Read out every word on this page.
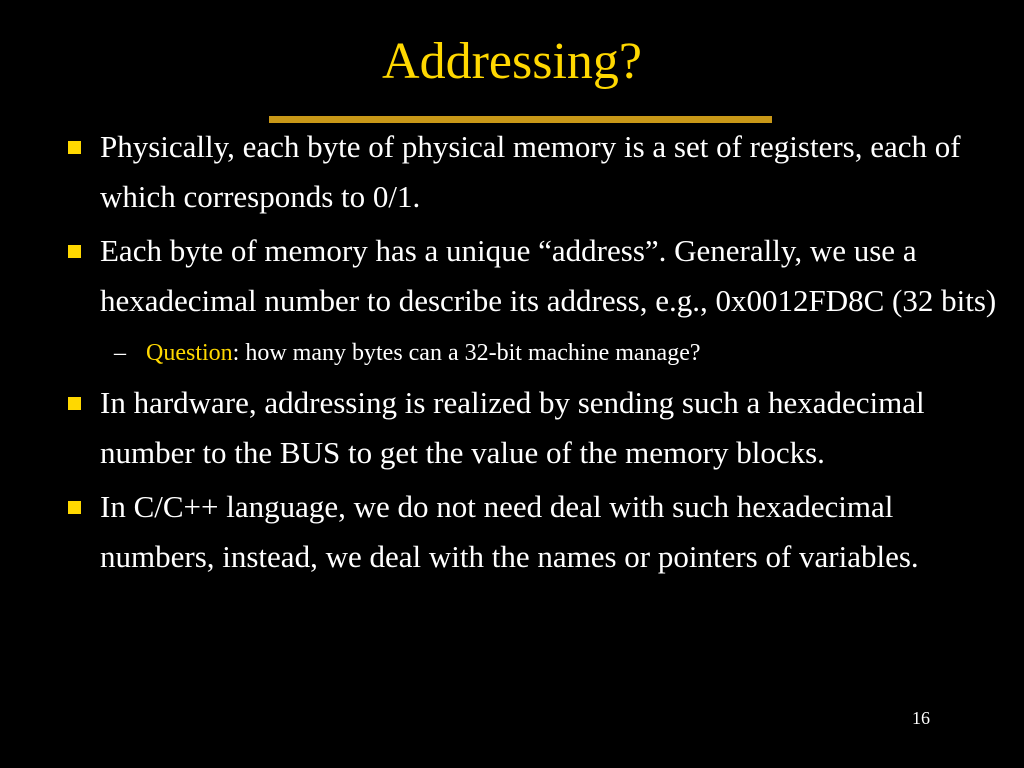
Addressing?
Physically, each byte of physical memory is a set of registers, each of which corresponds to 0/1.
Each byte of memory has a unique “address”. Generally, we use a hexadecimal number to describe its address, e.g., 0x0012FD8C (32 bits)
– Question: how many bytes can a 32-bit machine manage?
In hardware, addressing is realized by sending such a hexadecimal number to the BUS to get the value of the memory blocks.
In C/C++ language, we do not need deal with such hexadecimal numbers, instead, we deal with the names or pointers of variables.
16
